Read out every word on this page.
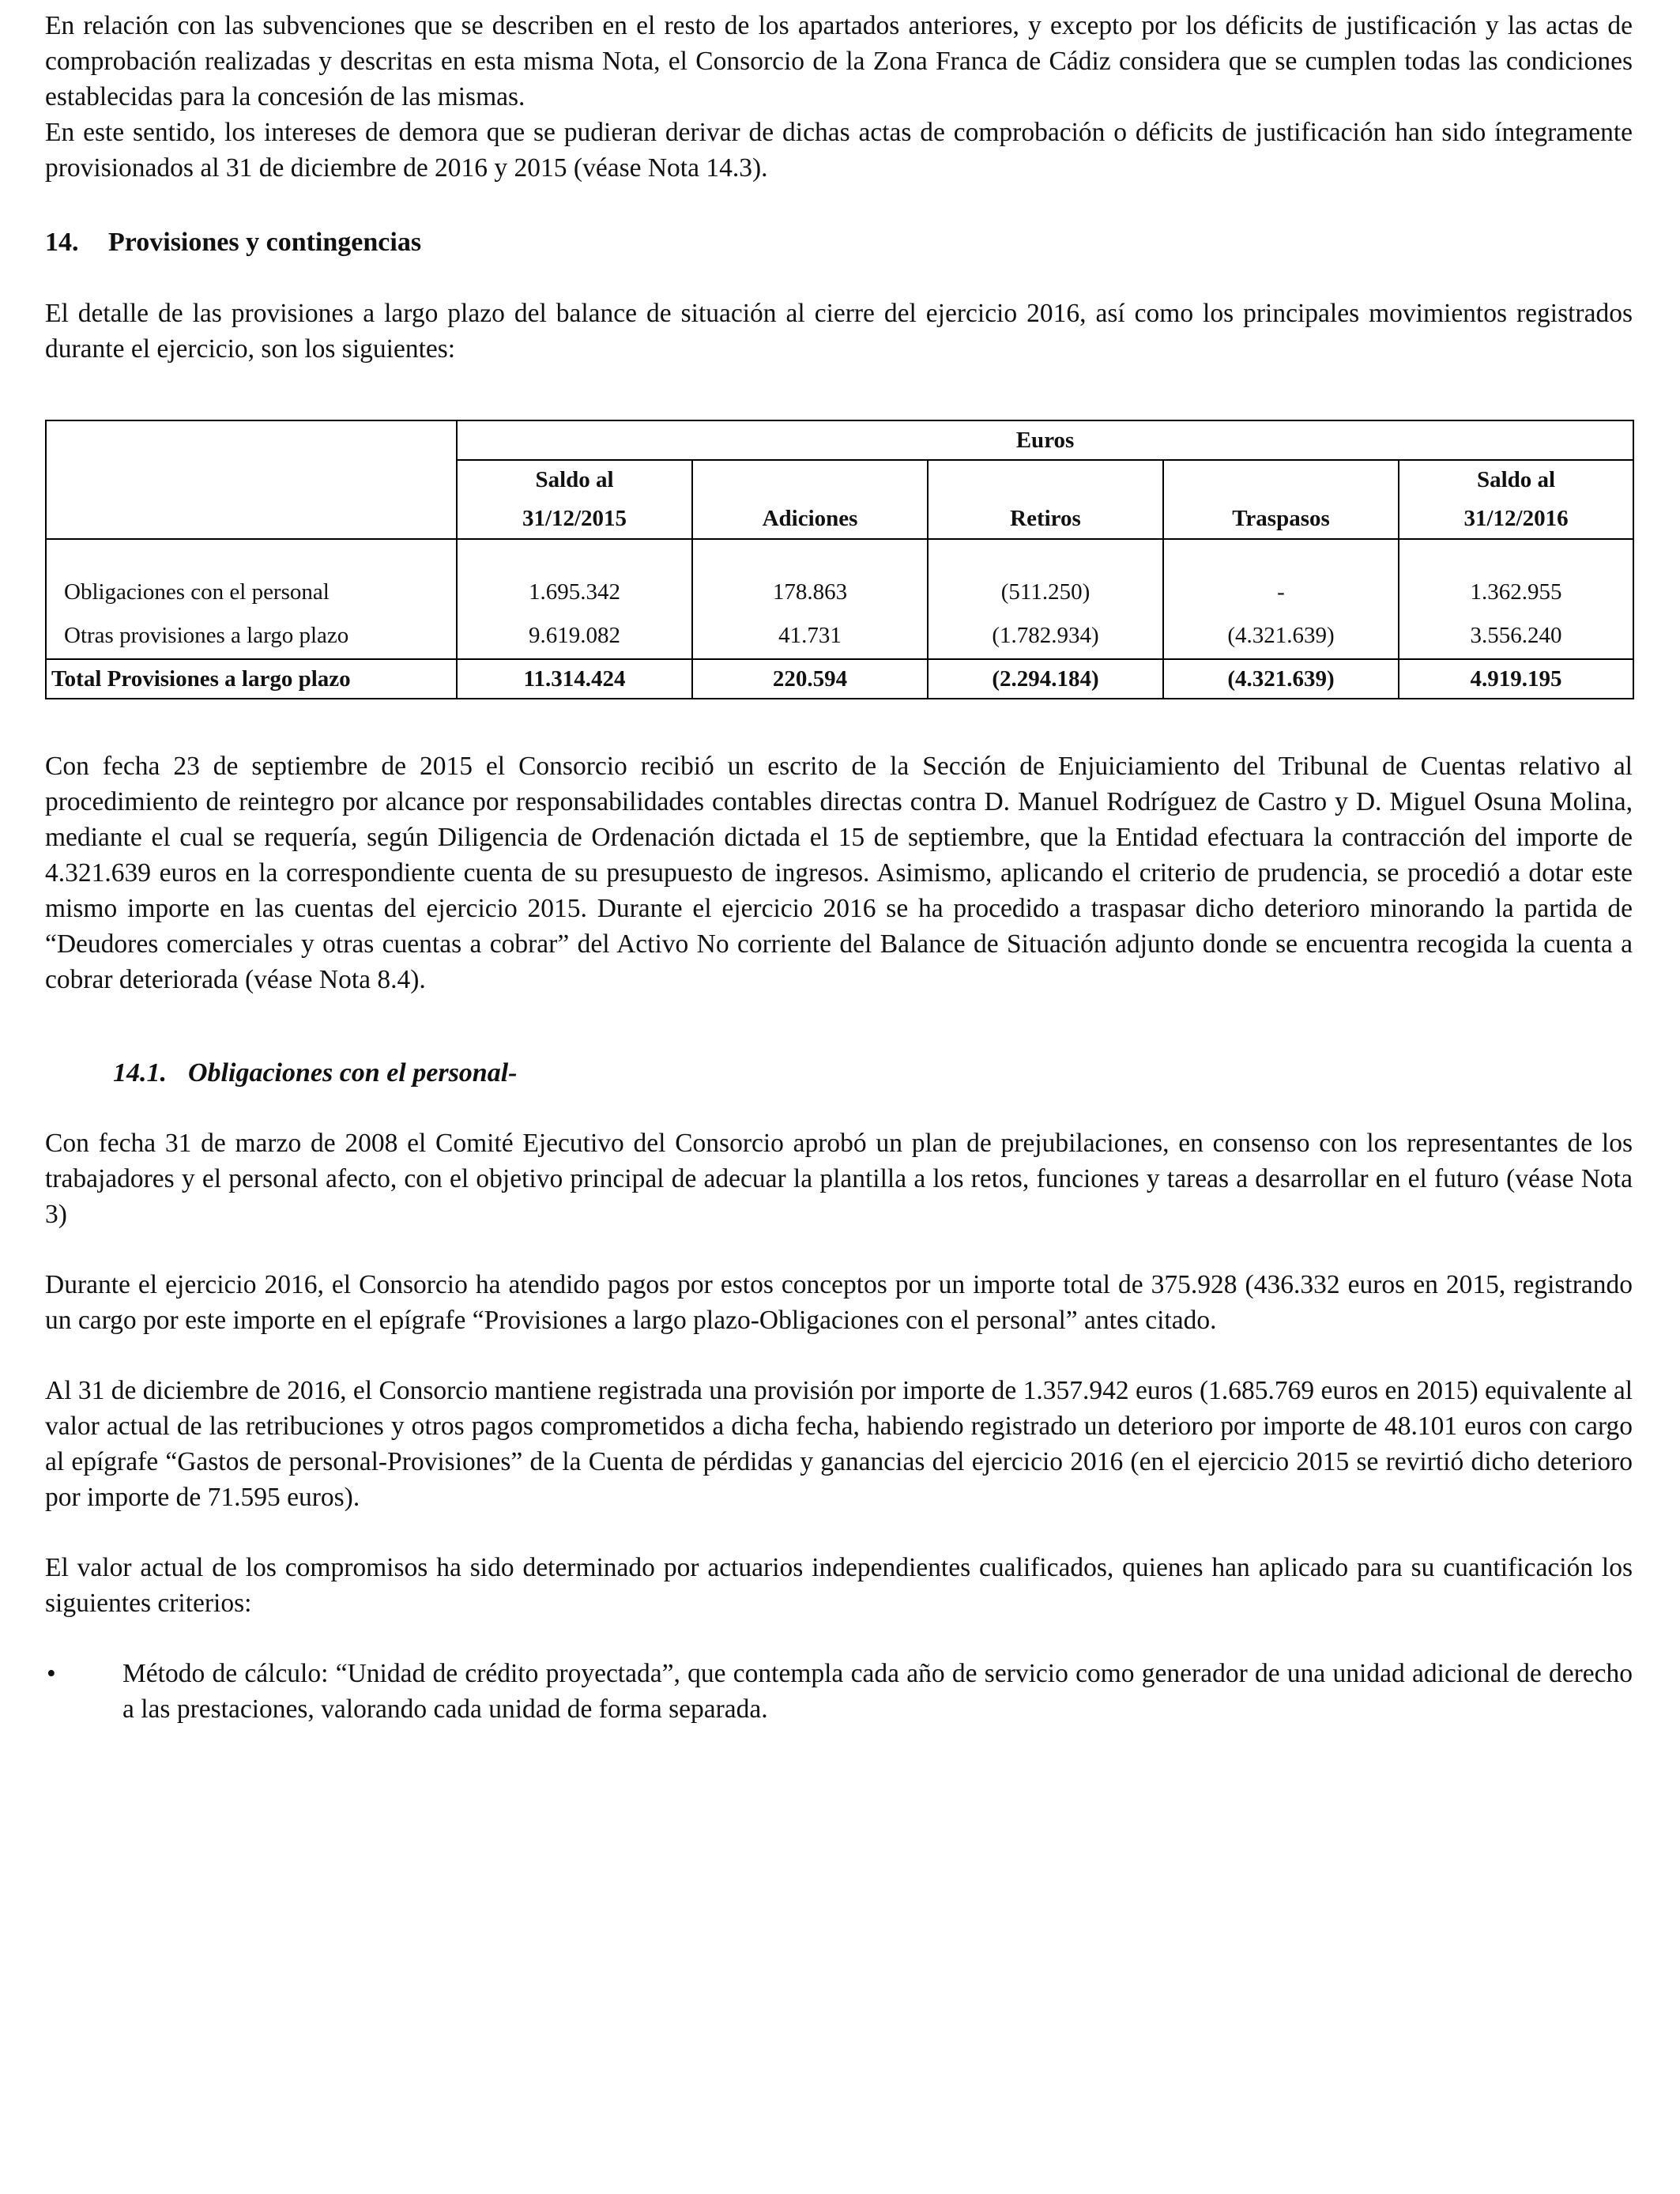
En relación con las subvenciones que se describen en el resto de los apartados anteriores, y excepto por los déficits de justificación y las actas de comprobación realizadas y descritas en esta misma Nota, el Consorcio de la Zona Franca de Cádiz considera que se cumplen todas las condiciones establecidas para la concesión de las mismas.

En este sentido, los intereses de demora que se pudieran derivar de dichas actas de comprobación o déficits de justificación han sido íntegramente provisionados al 31 de diciembre de 2016 y 2015 (véase Nota 14.3).

14. Provisiones y contingencias

El detalle de las provisiones a largo plazo del balance de situación al cierre del ejercicio 2016, así como los principales movimientos registrados durante el ejercicio, son los siguientes:

	Euros				
	Saldo al				Saldo al
	31/12/2015	Adiciones	Retiros	Traspasos	31/12/2016

Obligaciones con el personal	1.695.342	178.863	(511.250)	-	1.362.955
Otras provisiones a largo plazo	9.619.082	41.731	(1.782.934)	(4.321.639)	3.556.240
Total Provisiones a largo plazo	11.314.424	220.594	(2.294.184)	(4.321.639)	4.919.195

Con fecha 23 de septiembre de 2015 el Consorcio recibió un escrito de la Sección de Enjuiciamiento del Tribunal de Cuentas relativo al procedimiento de reintegro por alcance por responsabilidades contables directas contra D. Manuel Rodríguez de Castro y D. Miguel Osuna Molina, mediante el cual se requería, según Diligencia de Ordenación dictada el 15 de septiembre, que la Entidad efectuara la contracción del importe de 4.321.639 euros en la correspondiente cuenta de su presupuesto de ingresos. Asimismo, aplicando el criterio de prudencia, se procedió a dotar este mismo importe en las cuentas del ejercicio 2015. Durante el ejercicio 2016 se ha procedido a traspasar dicho deterioro minorando la partida de “Deudores comerciales y otras cuentas a cobrar” del Activo No corriente del Balance de Situación adjunto donde se encuentra recogida la cuenta a cobrar deteriorada (véase Nota 8.4).

14.1. Obligaciones con el personal-

Con fecha 31 de marzo de 2008 el Comité Ejecutivo del Consorcio aprobó un plan de prejubilaciones, en consenso con los representantes de los trabajadores y el personal afecto, con el objetivo principal de adecuar la plantilla a los retos, funciones y tareas a desarrollar en el futuro (véase Nota 3)

Durante el ejercicio 2016, el Consorcio ha atendido pagos por estos conceptos por un importe total de 375.928 (436.332 euros en 2015, registrando un cargo por este importe en el epígrafe “Provisiones a largo plazo-Obligaciones con el personal” antes citado.

Al 31 de diciembre de 2016, el Consorcio mantiene registrada una provisión por importe de 1.357.942 euros (1.685.769 euros en 2015) equivalente al valor actual de las retribuciones y otros pagos comprometidos a dicha fecha, habiendo registrado un deterioro por importe de 48.101 euros con cargo al epígrafe “Gastos de personal-Provisiones” de la Cuenta de pérdidas y ganancias del ejercicio 2016 (en el ejercicio 2015 se revirtió dicho deterioro por importe de 71.595 euros).

El valor actual de los compromisos ha sido determinado por actuarios independientes cualificados, quienes han aplicado para su cuantificación los siguientes criterios:

•	Método de cálculo: “Unidad de crédito proyectada”, que contempla cada año de servicio como generador de una unidad adicional de derecho a las prestaciones, valorando cada unidad de forma separada.
